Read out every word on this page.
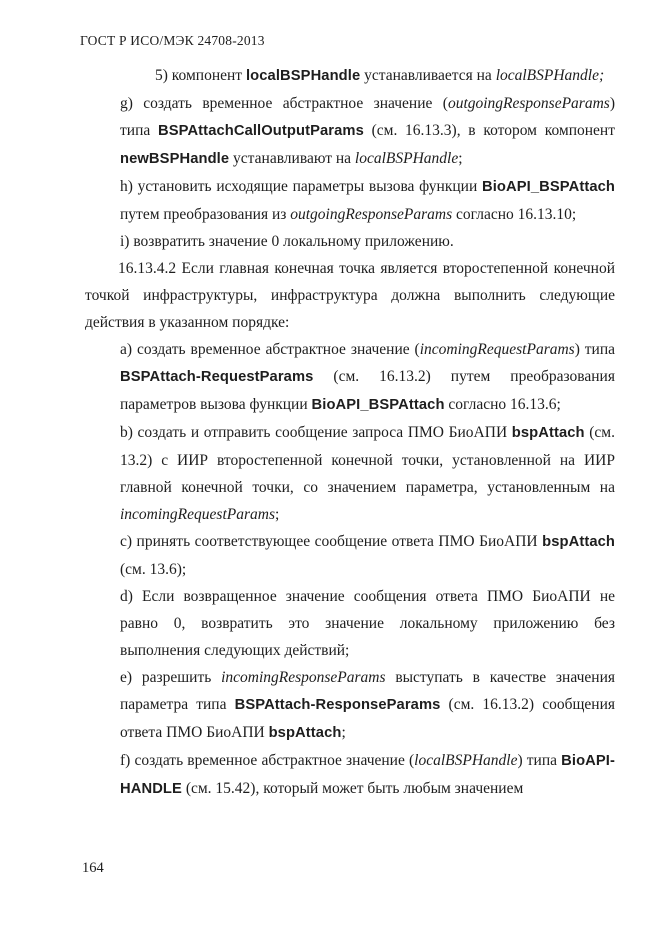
ГОСТ Р ИСО/МЭК 24708-2013

5) компонент localBSPHandle устанавливается на localBSPHandle;

g) создать временное абстрактное значение (outgoingResponseParams) типа BSPAttachCallOutputParams (см. 16.13.3), в котором компонент newBSPHandle устанавливают на localBSPHandle;

h) установить исходящие параметры вызова функции BioAPI_BSPAttach путем преобразования из outgoingResponseParams согласно 16.13.10;

i) возвратить значение 0 локальному приложению.

16.13.4.2 Если главная конечная точка является второстепенной конечной точкой инфраструктуры, инфраструктура должна выполнить следующие действия в указанном порядке:

a) создать временное абстрактное значение (incomingRequestParams) типа BSPAttach-RequestParams (см. 16.13.2) путем преобразования параметров вызова функции BioAPI_BSPAttach согласно 16.13.6;

b) создать и отправить сообщение запроса ПМО БиоАПИ bspAttach (см. 13.2) с ИИР второстепенной конечной точки, установленной на ИИР главной конечной точки, со значением параметра, установленным на incomingRequestParams;

c) принять соответствующее сообщение ответа ПМО БиоАПИ bspAttach (см. 13.6);

d) Если возвращенное значение сообщения ответа ПМО БиоАПИ не равно 0, возвратить это значение локальному приложению без выполнения следующих действий;

e) разрешить incomingResponseParams выступать в качестве значения параметра типа BSPAttach-ResponseParams (см. 16.13.2) сообщения ответа ПМО БиоАПИ bspAttach;

f) создать временное абстрактное значение (localBSPHandle) типа BioAPI-HANDLE (см. 15.42), который может быть любым значением

164
